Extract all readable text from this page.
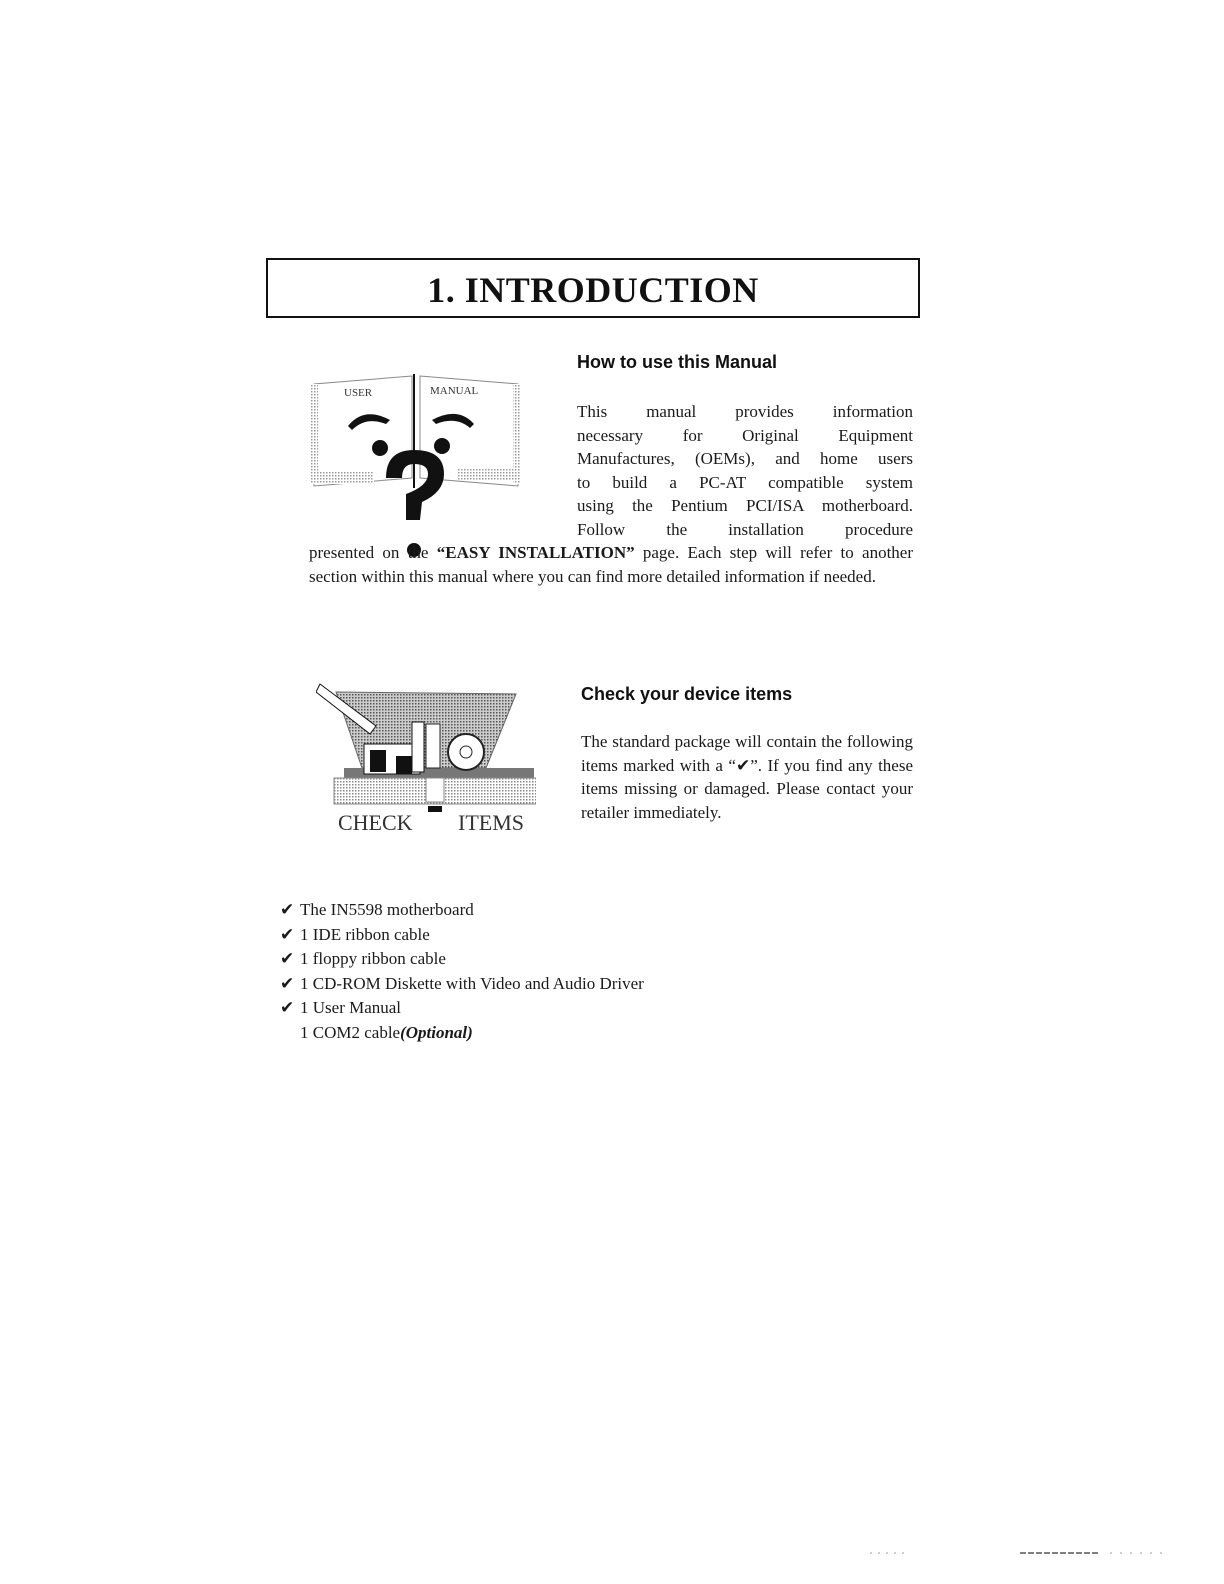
1. INTRODUCTION
USER	MANUAL
How to use this Manual
This manual provides information
necessary for Original Equipment
Manufactures, (OEMs), and home users
to build a PC-AT compatible system
using the Pentium PCI/ISA motherboard.
Follow the installation procedure
presented on the “EASY INSTALLATION” page. Each step will refer to another section within this manual where you can find more detailed information if needed.
CHECK ITEMS
Check your device items
The standard package will contain the following items marked with a “✔”. If you find any these items missing or damaged. Please contact your retailer immediately.
✔ The IN5598 motherboard
✔ 1 IDE ribbon cable
✔ 1 floppy ribbon cable
✔ 1 CD-ROM Diskette with Video and Audio Driver
✔ 1 User Manual
1 COM2 cable (Optional)
